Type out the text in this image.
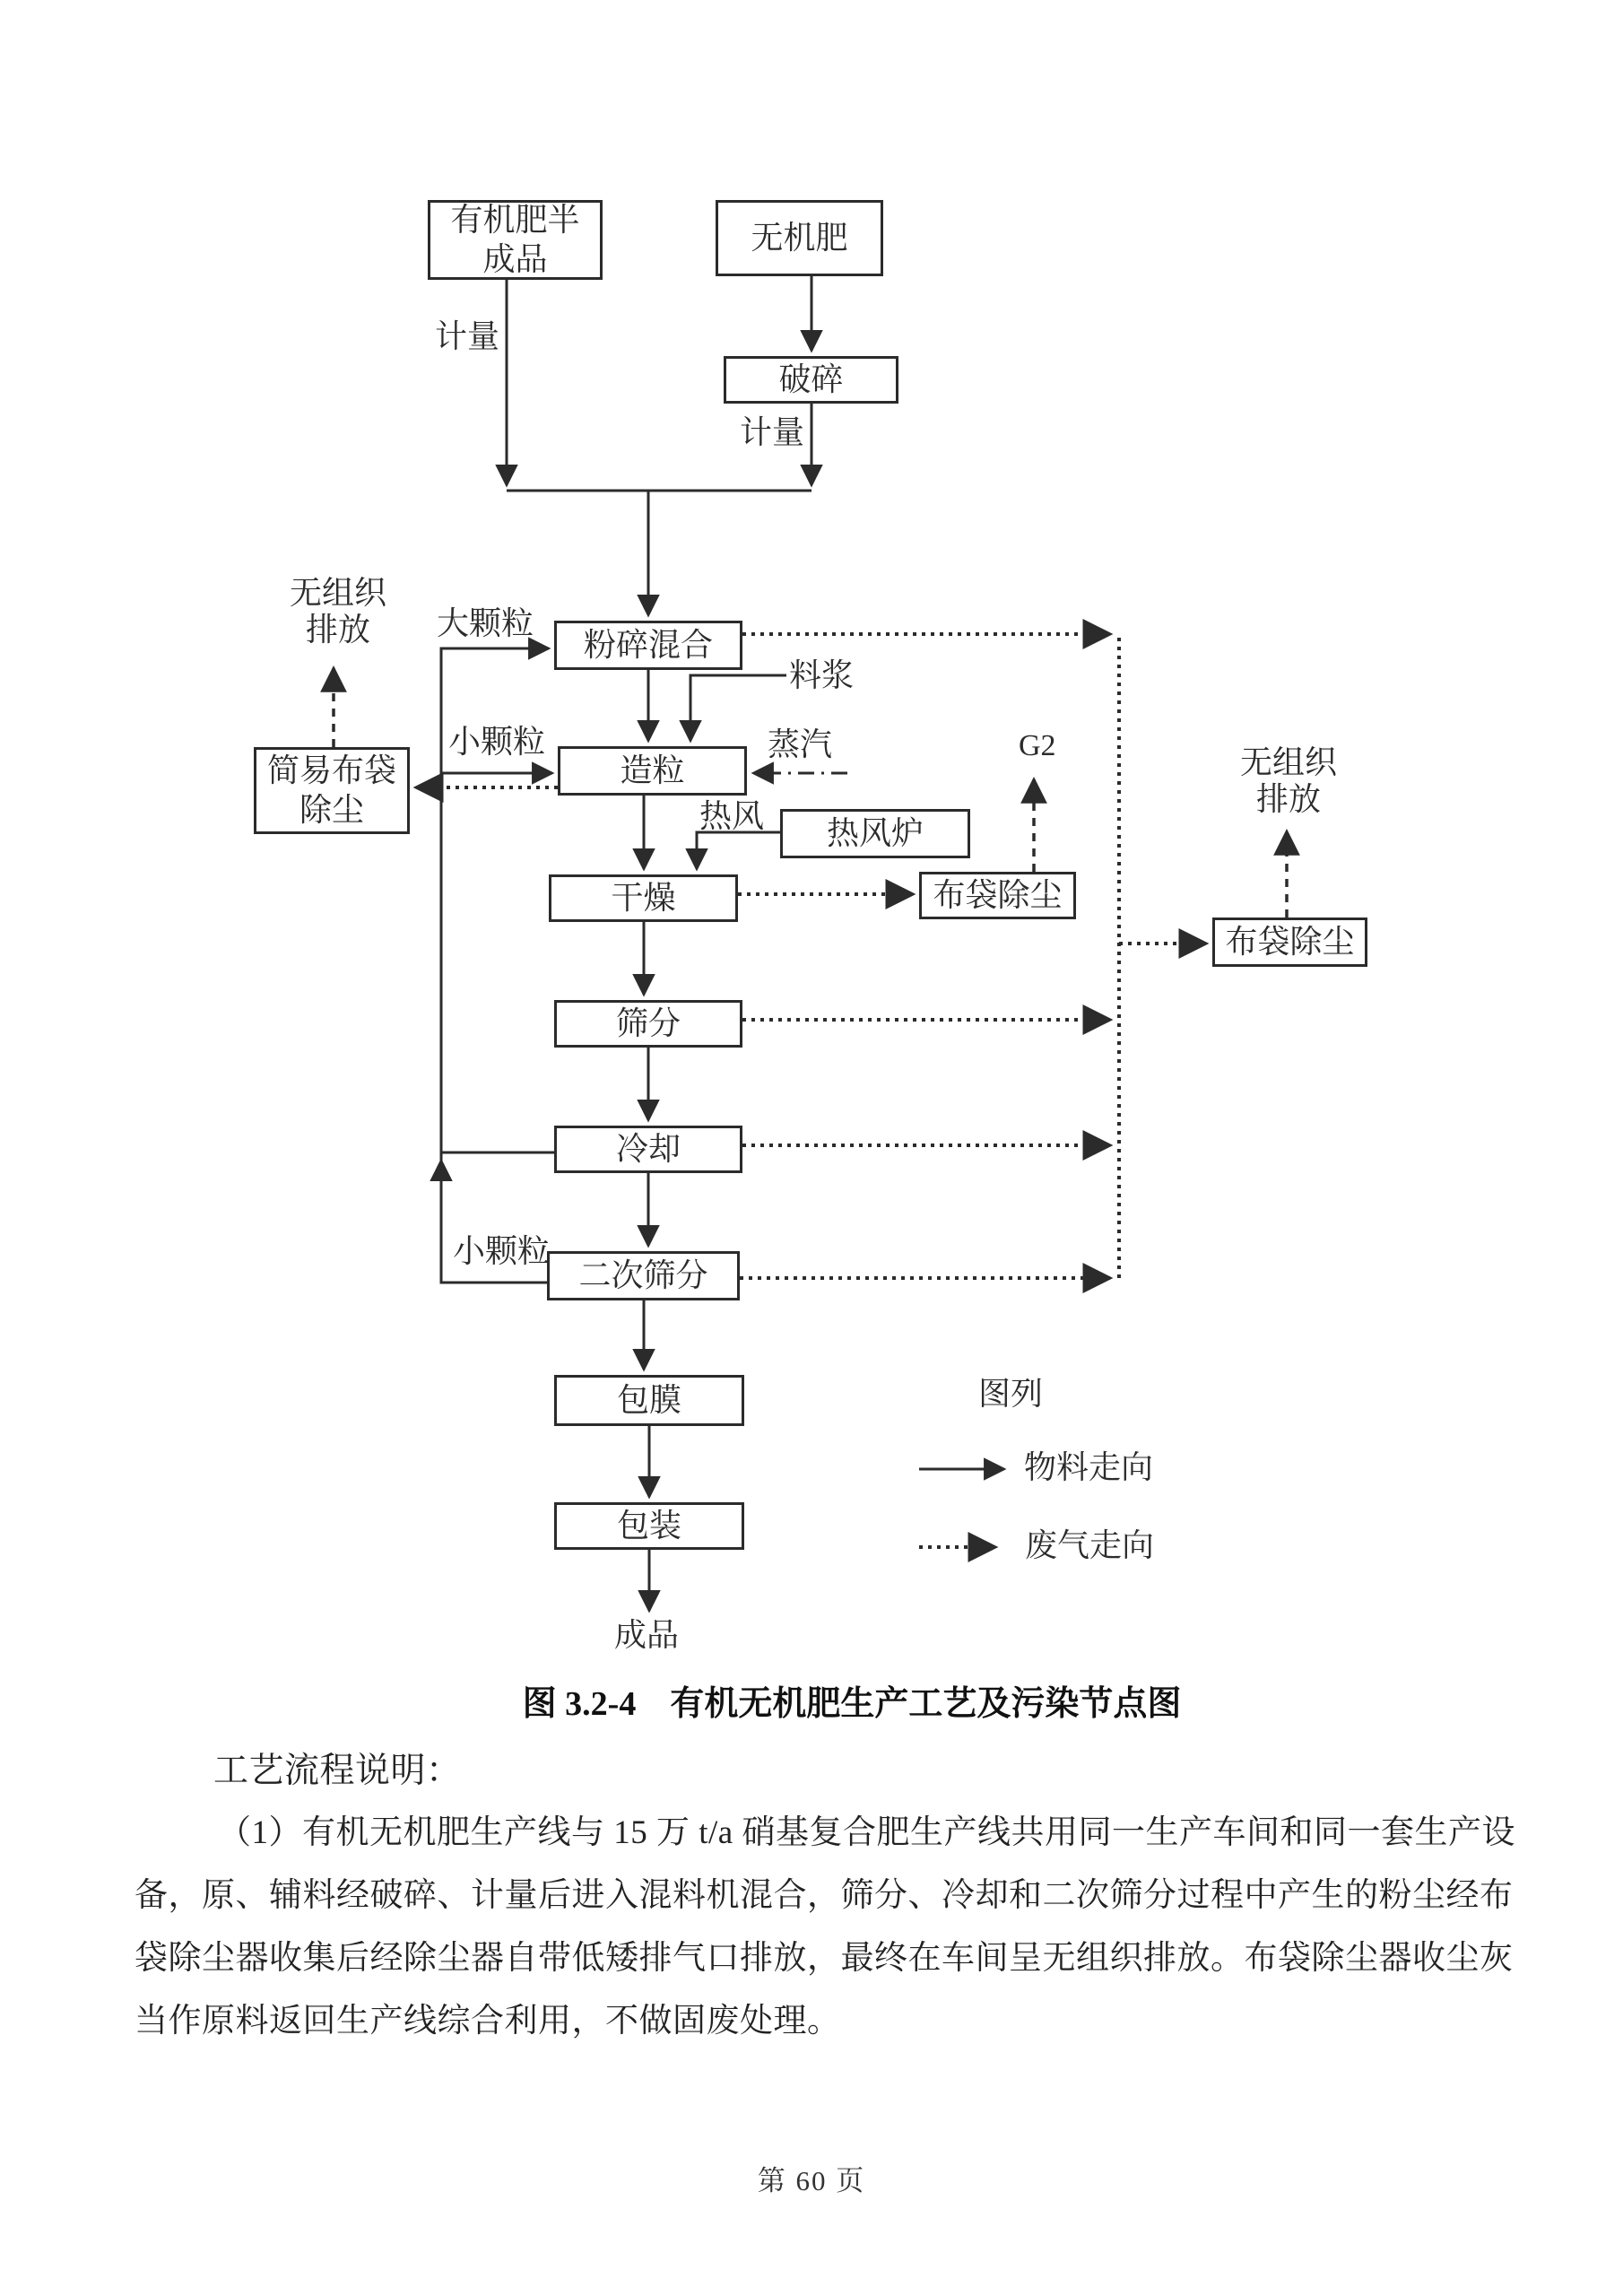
有机肥半
成品
无机肥
破碎
粉碎混合
造粒
干燥
筛分
冷却
二次筛分
包膜
包装
简易布袋
除尘
热风炉
布袋除尘
布袋除尘
计量
计量
无组织
排放	大颗粒
小颗粒
料浆
蒸汽
热风
G2	无组织
排放
小颗粒
成品
图列
物料走向
废气走向
图 3.2-4　有机无机肥生产工艺及污染节点图
工艺流程说明：
（1）有机无机肥生产线与 15 万 t/a 硝基复合肥生产线共用同一生产车间和同一套生产设
备，原、辅料经破碎、计量后进入混料机混合，筛分、冷却和二次筛分过程中产生的粉尘经布
袋除尘器收集后经除尘器自带低矮排气口排放，最终在车间呈无组织排放。布袋除尘器收尘灰
当作原料返回生产线综合利用，不做固废处理。
第 60 页
